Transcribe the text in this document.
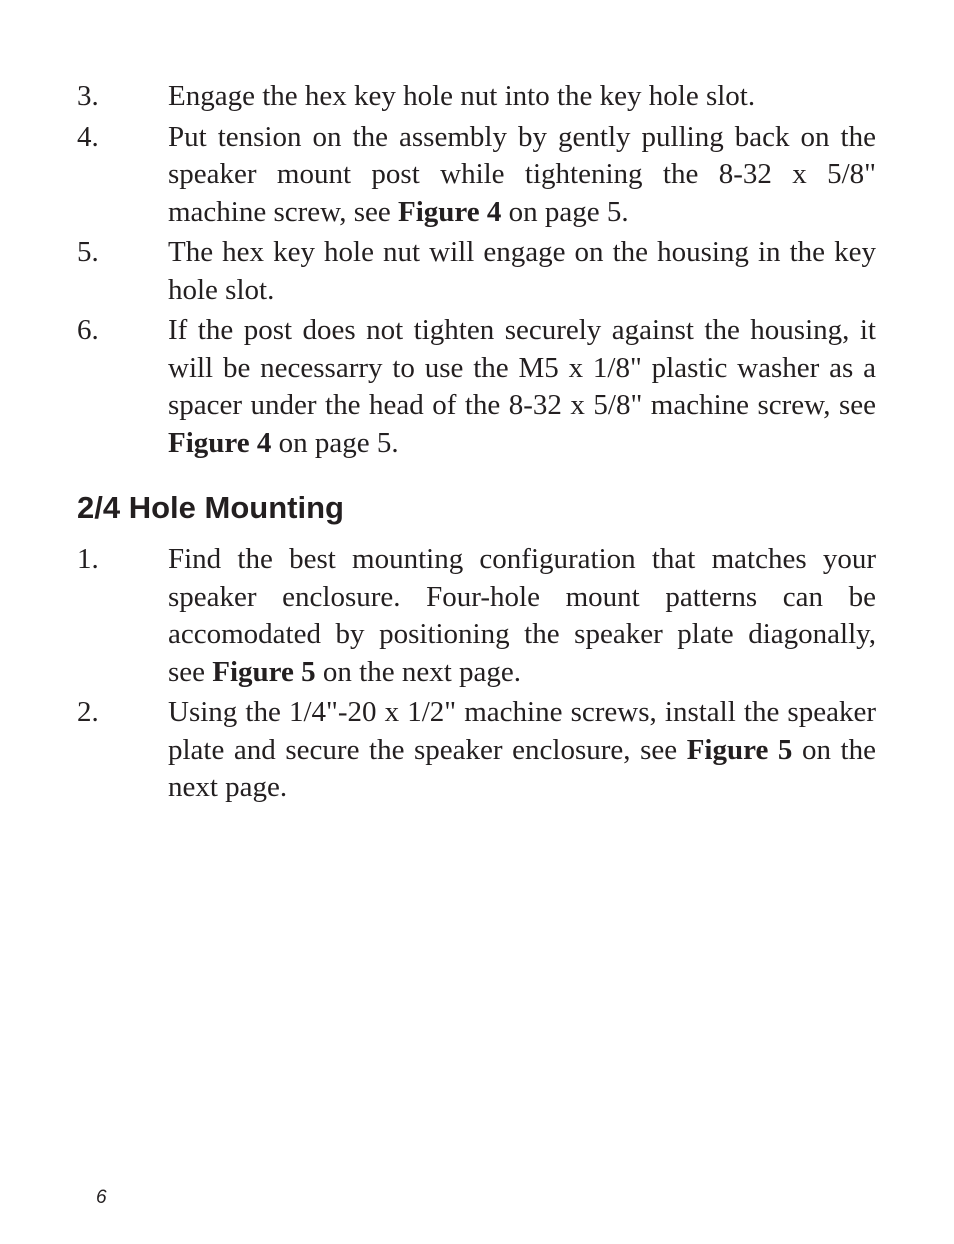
3. Engage the hex key hole nut into the key hole slot.
4. Put tension on the assembly by gently pulling back on the speaker mount post while tightening the 8-32 x 5/8" machine screw, see Figure 4 on page 5.
5. The hex key hole nut will engage on the housing in the key hole slot.
6. If the post does not tighten securely against the housing, it will be necessarry to use the M5 x 1/8" plastic washer as a spacer under the head of the 8-32 x 5/8" machine screw, see Figure 4 on page 5.
2/4 Hole Mounting
1. Find the best mounting configuration that matches your speaker enclosure. Four-hole mount patterns can be accomodated by positioning the speaker plate diagonally, see Figure 5 on the next page.
2. Using the 1/4"-20 x 1/2" machine screws, install the speaker plate and secure the speaker enclosure, see Figure 5 on the next page.
6
